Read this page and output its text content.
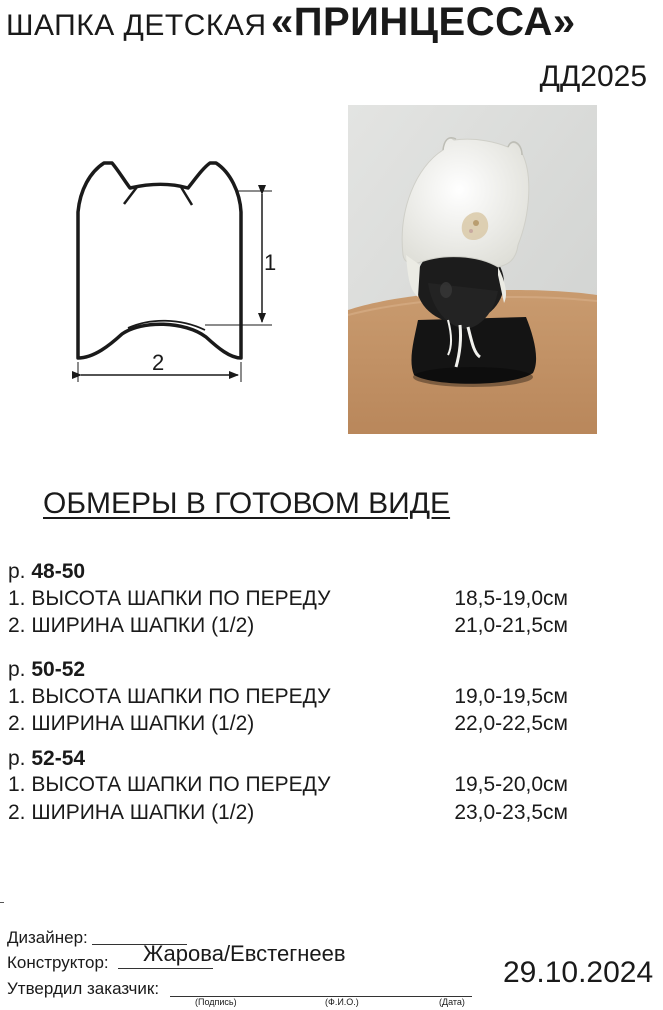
ШАПКА ДЕТСКАЯ «ПРИНЦЕССА»
ДД2025
1
2
ОБМЕРЫ В ГОТОВОМ ВИДЕ
р. 48-50
1. ВЫСОТА ШАПКИ ПО ПЕРЕДУ	18,5-19,0см
2. ШИРИНА ШАПКИ (1/2)	21,0-21,5см
р. 50-52
1. ВЫСОТА ШАПКИ ПО ПЕРЕДУ	19,0-19,5см
2. ШИРИНА ШАПКИ (1/2)	22,0-22,5см
р. 52-54
1. ВЫСОТА ШАПКИ ПО ПЕРЕДУ	19,5-20,0см
2. ШИРИНА ШАПКИ (1/2)	23,0-23,5см
Дизайнер:
Конструктор: Жарова/Евстегнеев
Утвердил заказчик:
(Подпись)	(Ф.И.О.)	(Дата)
29.10.2024
